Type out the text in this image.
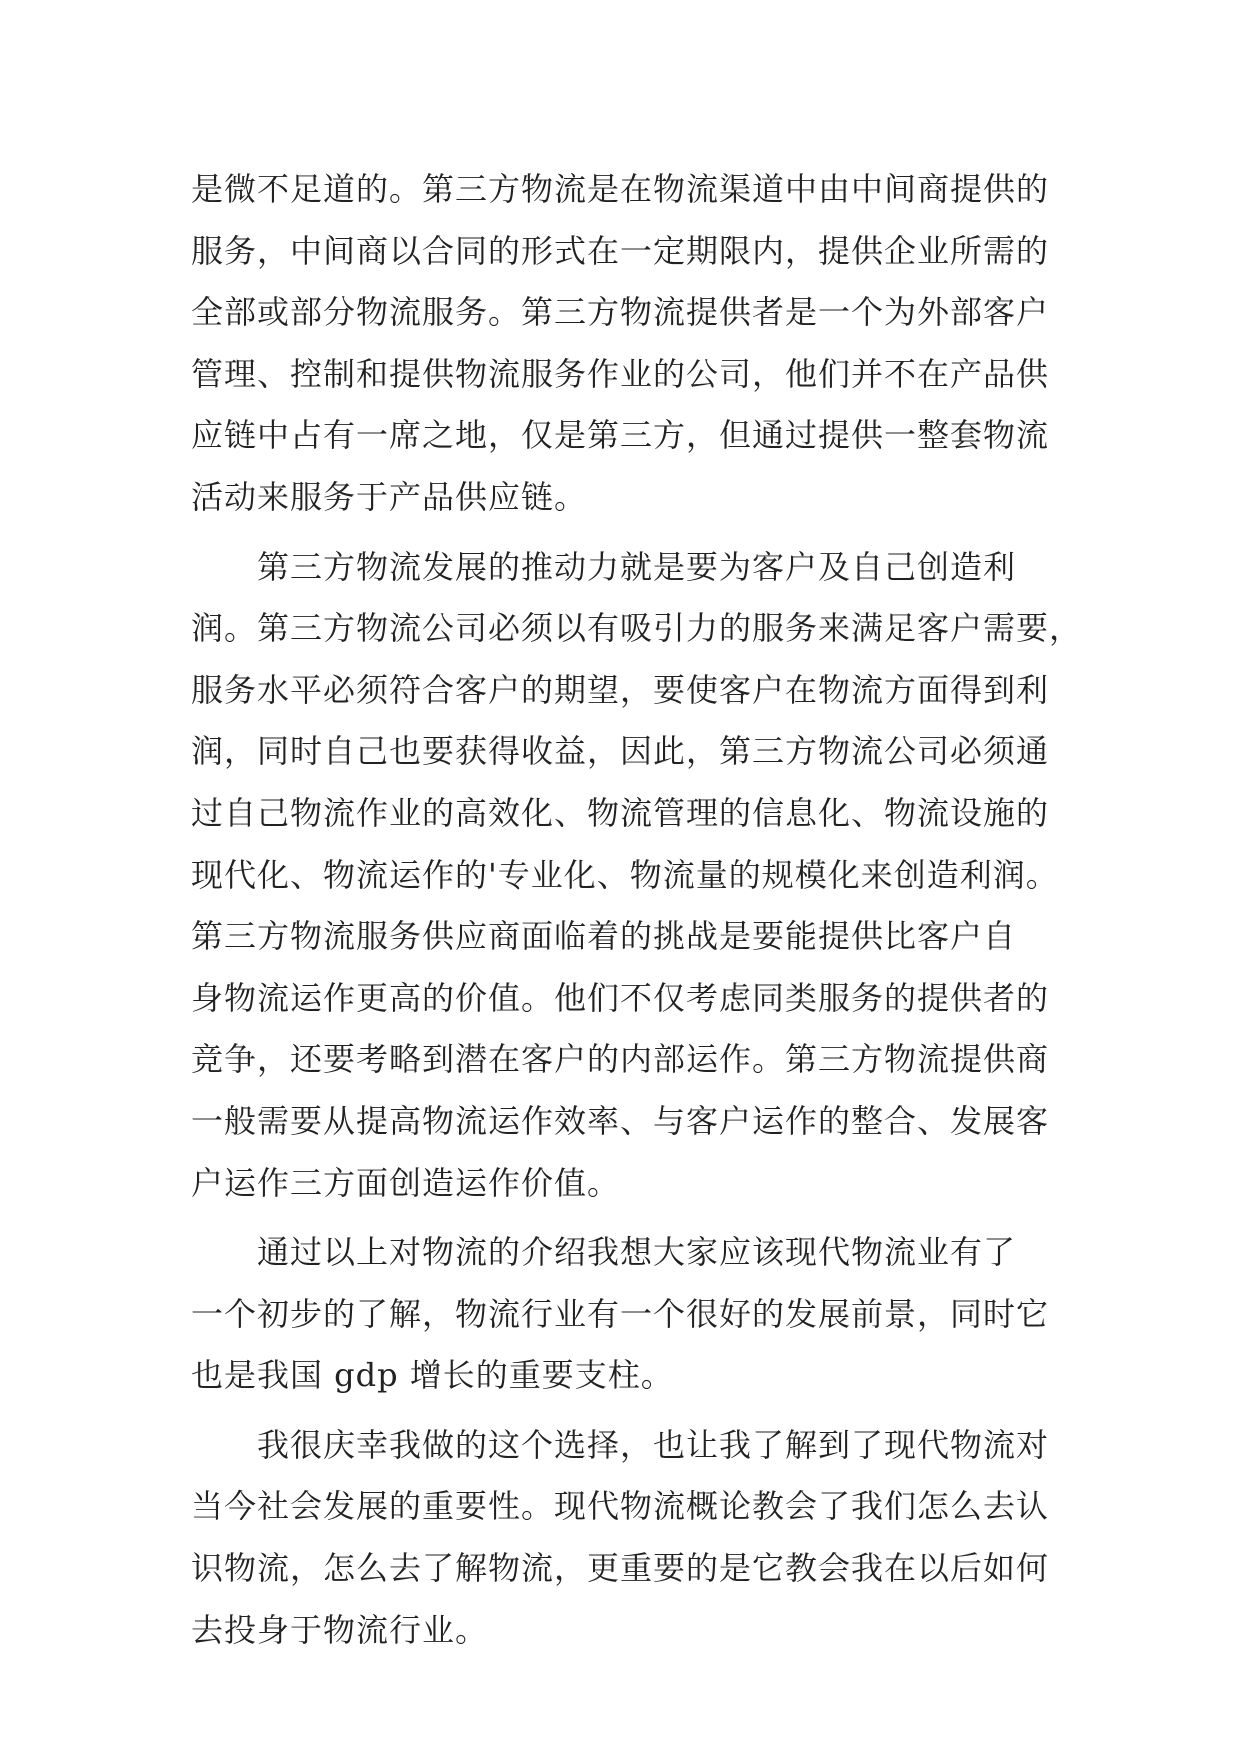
是微不足道的。第三方物流是在物流渠道中由中间商提供的
服务，中间商以合同的形式在一定期限内，提供企业所需的
全部或部分物流服务。第三方物流提供者是一个为外部客户
管理、控制和提供物流服务作业的公司，他们并不在产品供
应链中占有一席之地，仅是第三方，但通过提供一整套物流
活动来服务于产品供应链。
第三方物流发展的推动力就是要为客户及自己创造利
润。第三方物流公司必须以有吸引力的服务来满足客户需要，
服务水平必须符合客户的期望，要使客户在物流方面得到利
润，同时自己也要获得收益，因此，第三方物流公司必须通
过自己物流作业的高效化、物流管理的信息化、物流设施的
现代化、物流运作的'专业化、物流量的规模化来创造利润。
第三方物流服务供应商面临着的挑战是要能提供比客户自
身物流运作更高的价值。他们不仅考虑同类服务的提供者的
竞争，还要考略到潜在客户的内部运作。第三方物流提供商
一般需要从提高物流运作效率、与客户运作的整合、发展客
户运作三方面创造运作价值。
通过以上对物流的介绍我想大家应该现代物流业有了
一个初步的了解，物流行业有一个很好的发展前景，同时它
也是我国 gdp 增长的重要支柱。
我很庆幸我做的这个选择，也让我了解到了现代物流对
当今社会发展的重要性。现代物流概论教会了我们怎么去认
识物流，怎么去了解物流，更重要的是它教会我在以后如何
去投身于物流行业。
